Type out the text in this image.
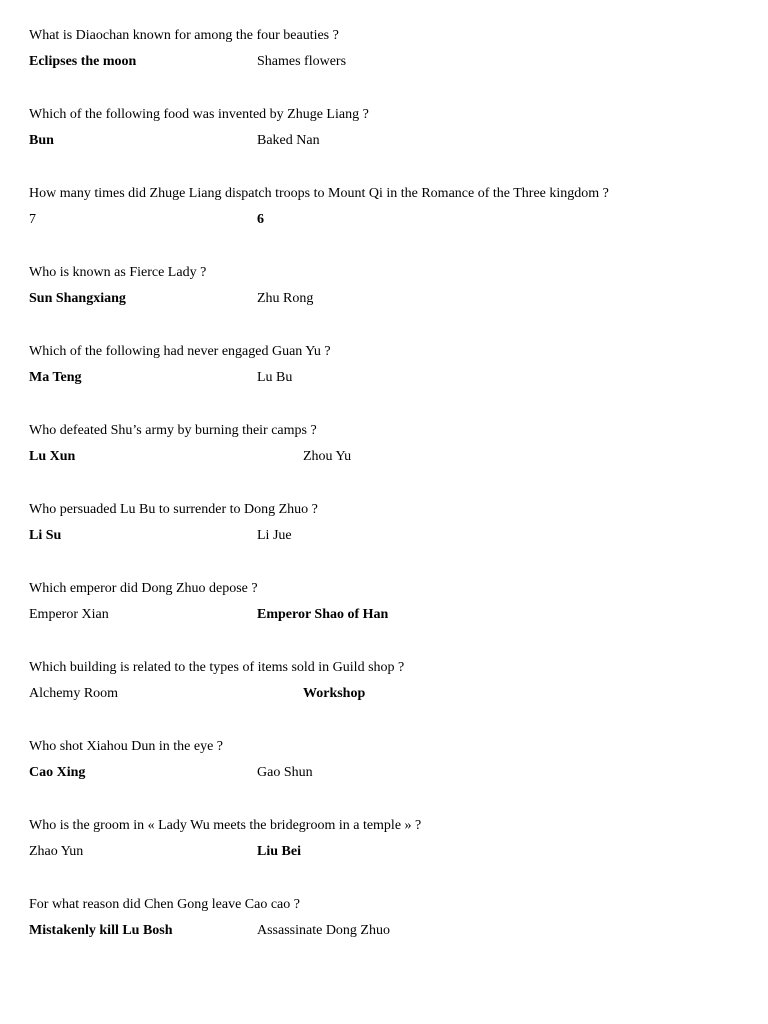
What is Diaochan known for among the four beauties ?
Eclipses the moon	Shames flowers
Which of the following food was invented by Zhuge Liang ?
Bun	Baked Nan
How many times did Zhuge Liang dispatch troops to Mount Qi in the Romance of the Three kingdom ?
7	6
Who is known as Fierce Lady ?
Sun Shangxiang	Zhu Rong
Which of the following had never engaged Guan Yu ?
Ma Teng	Lu Bu
Who defeated Shu’s army by burning their camps ?
Lu Xun	Zhou Yu
Who persuaded Lu Bu to surrender to Dong Zhuo ?
Li Su	Li Jue
Which emperor did Dong Zhuo depose ?
Emperor Xian	Emperor Shao of Han
Which building is related to the types of items sold in Guild shop ?
Alchemy Room	Workshop
Who shot Xiahou Dun in the eye ?
Cao Xing	Gao Shun
Who is the groom in « Lady Wu meets the bridegroom in a temple » ?
Zhao Yun	Liu Bei
For what reason did Chen Gong leave Cao cao ?
Mistakenly kill Lu Bosh	Assassinate Dong Zhuo
